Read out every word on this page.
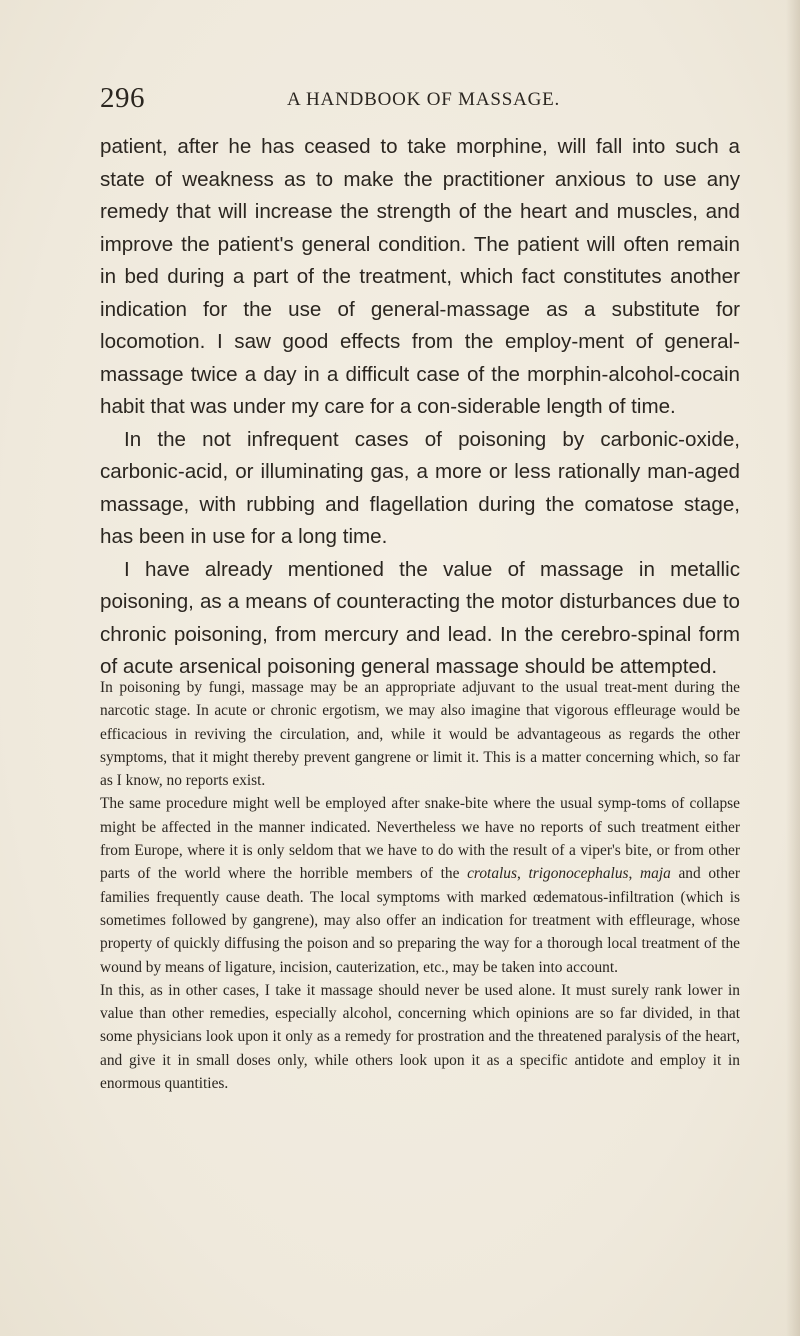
296	A HANDBOOK OF MASSAGE.

patient, after he has ceased to take morphine, will fall into such a state of weakness as to make the practitioner anxious to use any remedy that will increase the strength of the heart and muscles, and improve the patient's general condition. The patient will often remain in bed during a part of the treatment, which fact constitutes another indication for the use of general-massage as a substitute for locomotion. I saw good effects from the employ-ment of general-massage twice a day in a difficult case of the morphin-alcohol-cocain habit that was under my care for a con-siderable length of time.

In the not infrequent cases of poisoning by carbonic-oxide, carbonic-acid, or illuminating gas, a more or less rationally man-aged massage, with rubbing and flagellation during the comatose stage, has been in use for a long time.

I have already mentioned the value of massage in metallic poisoning, as a means of counteracting the motor disturbances due to chronic poisoning, from mercury and lead. In the cerebro-spinal form of acute arsenical poisoning general massage should be attempted.

In poisoning by fungi, massage may be an appropriate adjuvant to the usual treat-ment during the narcotic stage. In acute or chronic ergotism, we may also imagine that vigorous effleurage would be efficacious in reviving the circulation, and, while it would be advantageous as regards the other symptoms, that it might thereby prevent gangrene or limit it. This is a matter concerning which, so far as I know, no reports exist.

The same procedure might well be employed after snake-bite where the usual symp-toms of collapse might be affected in the manner indicated. Nevertheless we have no reports of such treatment either from Europe, where it is only seldom that we have to do with the result of a viper's bite, or from other parts of the world where the horrible members of the crotalus, trigonocephalus, maja and other families frequently cause death. The local symptoms with marked œdematous-infiltration (which is sometimes followed by gangrene), may also offer an indication for treatment with effleurage, whose property of quickly diffusing the poison and so preparing the way for a thorough local treatment of the wound by means of ligature, incision, cauterization, etc., may be taken into account.

In this, as in other cases, I take it massage should never be used alone. It must surely rank lower in value than other remedies, especially alcohol, concerning which opinions are so far divided, in that some physicians look upon it only as a remedy for prostration and the threatened paralysis of the heart, and give it in small doses only, while others look upon it as a specific antidote and employ it in enormous quantities.
